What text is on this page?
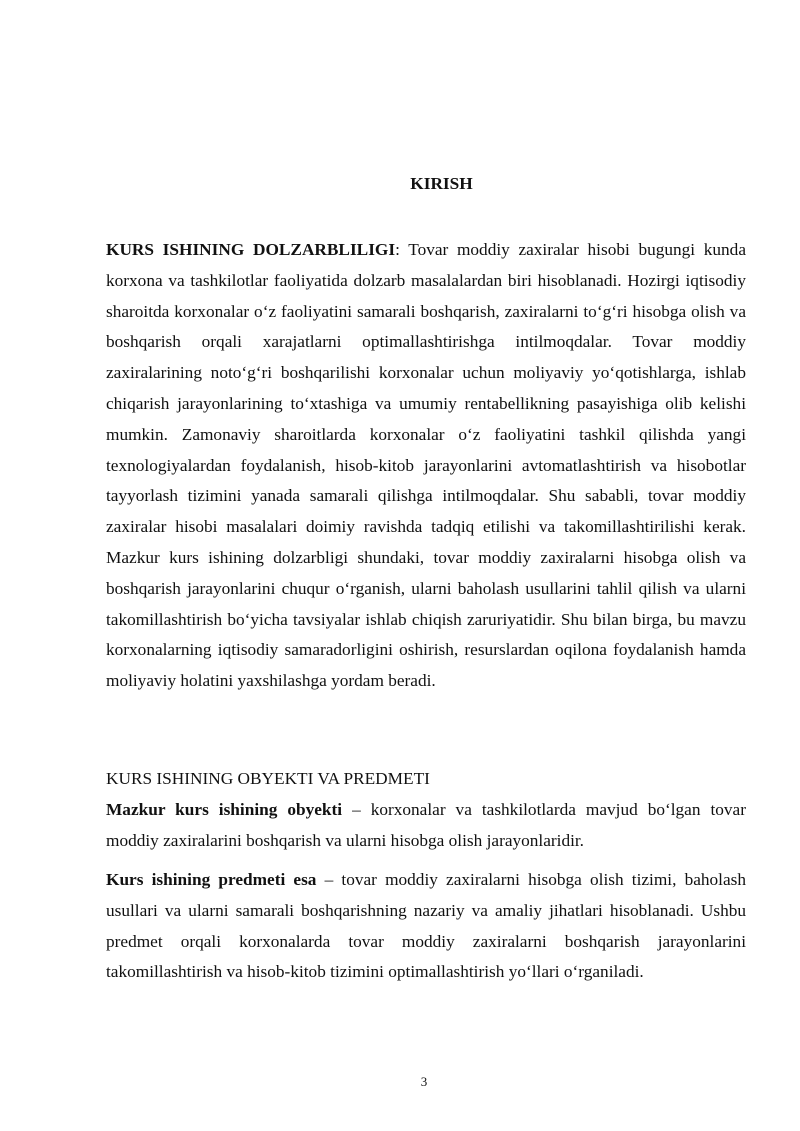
KIRISH
KURS ISHINING DOLZARBLILIGI: Tovar moddiy zaxiralar hisobi bugungi kunda korxona va tashkilotlar faoliyatida dolzarb masalalardan biri hisoblanadi. Hozirgi iqtisodiy sharoitda korxonalar o‘z faoliyatini samarali boshqarish, zaxiralarni to‘g‘ri hisobga olish va boshqarish orqali xarajatlarni optimallashtirishga intilmoqdalar. Tovar moddiy zaxiralarining noto‘g‘ri boshqarilishi korxonalar uchun moliyaviy yo‘qotishlarga, ishlab chiqarish jarayonlarining to‘xtashiga va umumiy rentabellikning pasayishiga olib kelishi mumkin. Zamonaviy sharoitlarda korxonalar o‘z faoliyatini tashkil qilishda yangi texnologiyalardan foydalanish, hisob-kitob jarayonlarini avtomatlashtirish va hisobotlar tayyorlash tizimini yanada samarali qilishga intilmoqdalar. Shu sababli, tovar moddiy zaxiralar hisobi masalalari doimiy ravishda tadqiq etilishi va takomillashtirilishi kerak. Mazkur kurs ishining dolzarbligi shundaki, tovar moddiy zaxiralarni hisobga olish va boshqarish jarayonlarini chuqur o‘rganish, ularni baholash usullarini tahlil qilish va ularni takomillashtirish bo‘yicha tavsiyalar ishlab chiqish zaruriyatidir. Shu bilan birga, bu mavzu korxonalarning iqtisodiy samaradorligini oshirish, resurslardan oqilona foydalanish hamda moliyaviy holatini yaxshilashga yordam beradi.
KURS ISHINING OBYEKTI VA PREDMETI
Mazkur kurs ishining obyekti – korxonalar va tashkilotlarda mavjud bo‘lgan tovar moddiy zaxiralarini boshqarish va ularni hisobga olish jarayonlaridir.
Kurs ishining predmeti esa – tovar moddiy zaxiralarni hisobga olish tizimi, baholash usullari va ularni samarali boshqarishning nazariy va amaliy jihatlari hisoblanadi. Ushbu predmet orqali korxonalarda tovar moddiy zaxiralarni boshqarish jarayonlarini takomillashtirish va hisob-kitob tizimini optimallashtirish yo‘llari o‘rganiladi.
3
